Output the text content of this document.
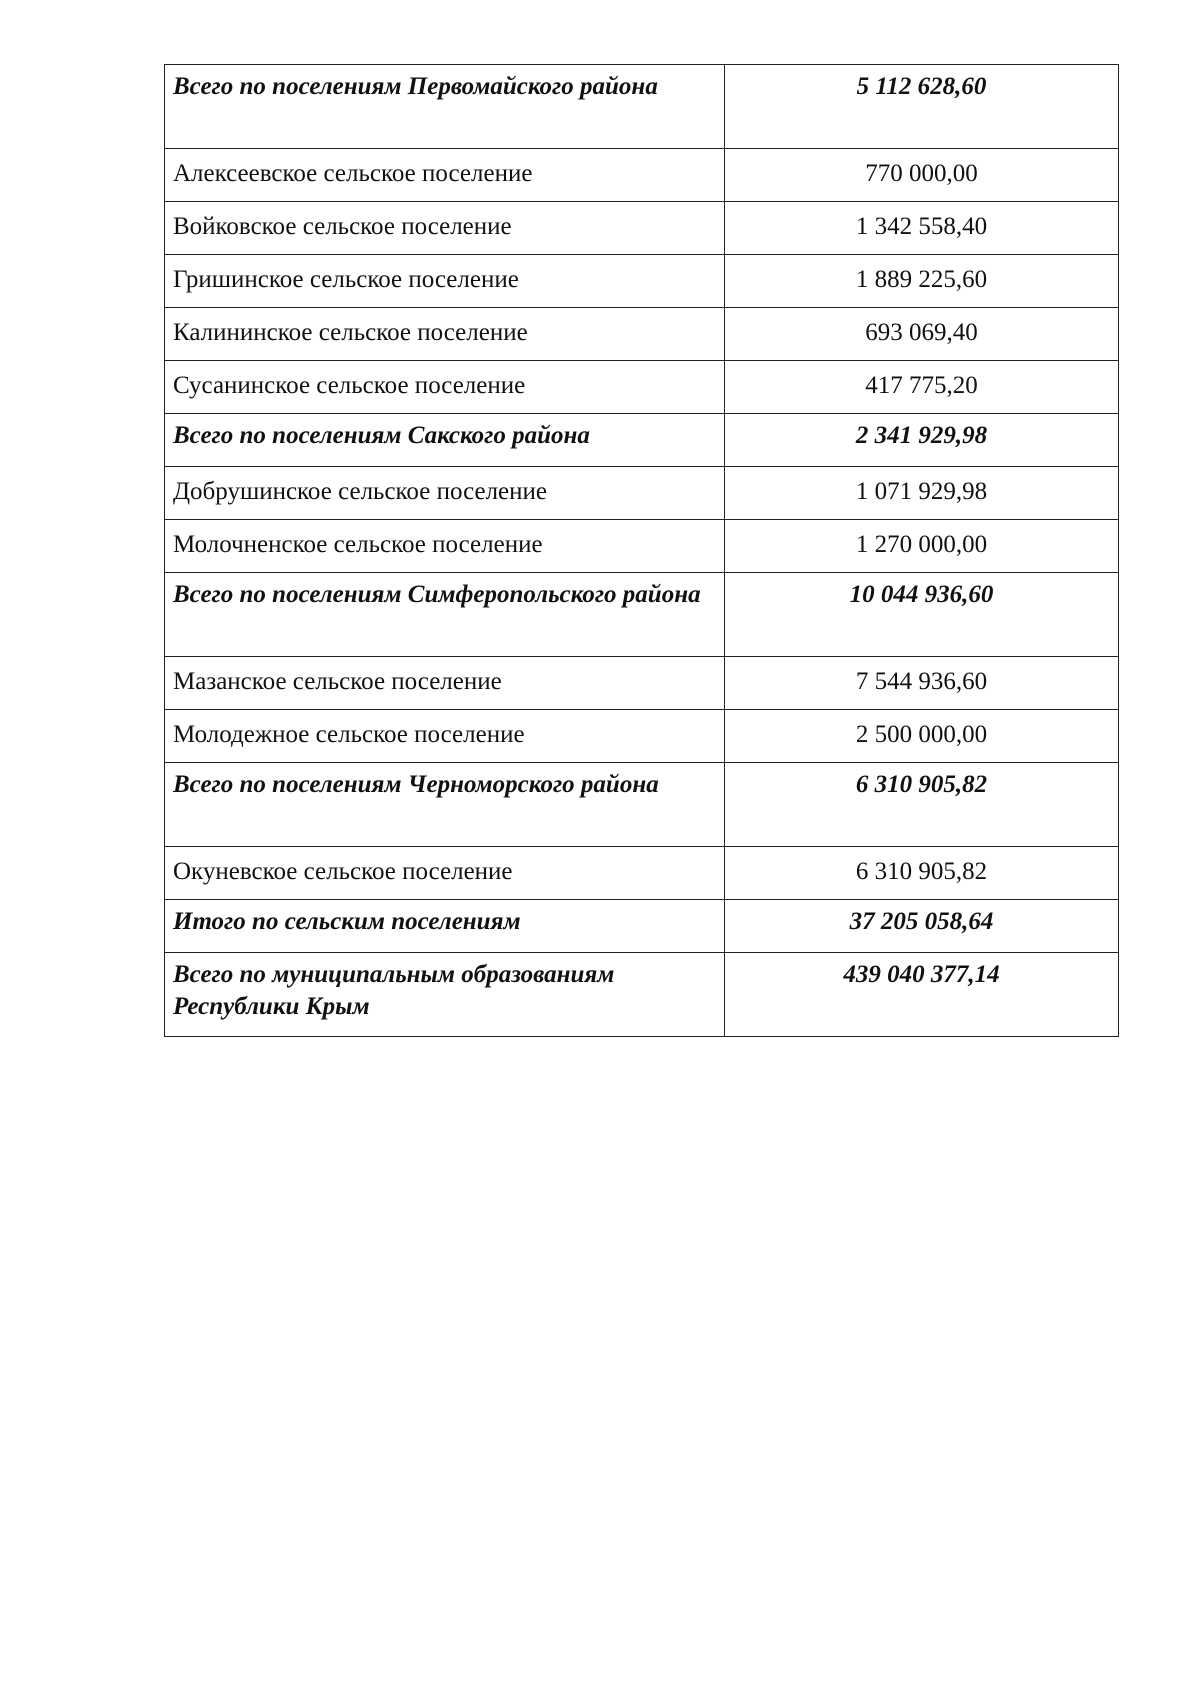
Всего по поселениям Первомайского района	5 112 628,60
Алексеевское сельское поселение	770 000,00
Войковское сельское поселение	1 342 558,40
Гришинское сельское поселение	1 889 225,60
Калининское сельское поселение	693 069,40
Сусанинское сельское поселение	417 775,20
Всего по поселениям Сакского района	2 341 929,98
Добрушинское сельское поселение	1 071 929,98
Молочненское сельское поселение	1 270 000,00
Всего по поселениям Симферопольского района	10 044 936,60
Мазанское сельское поселение	7 544 936,60
Молодежное сельское поселение	2 500 000,00
Всего по поселениям Черноморского района	6 310 905,82
Окуневское сельское поселение	6 310 905,82
Итого по сельским поселениям	37 205 058,64
Всего по муниципальным образованиям Республики Крым	439 040 377,14
